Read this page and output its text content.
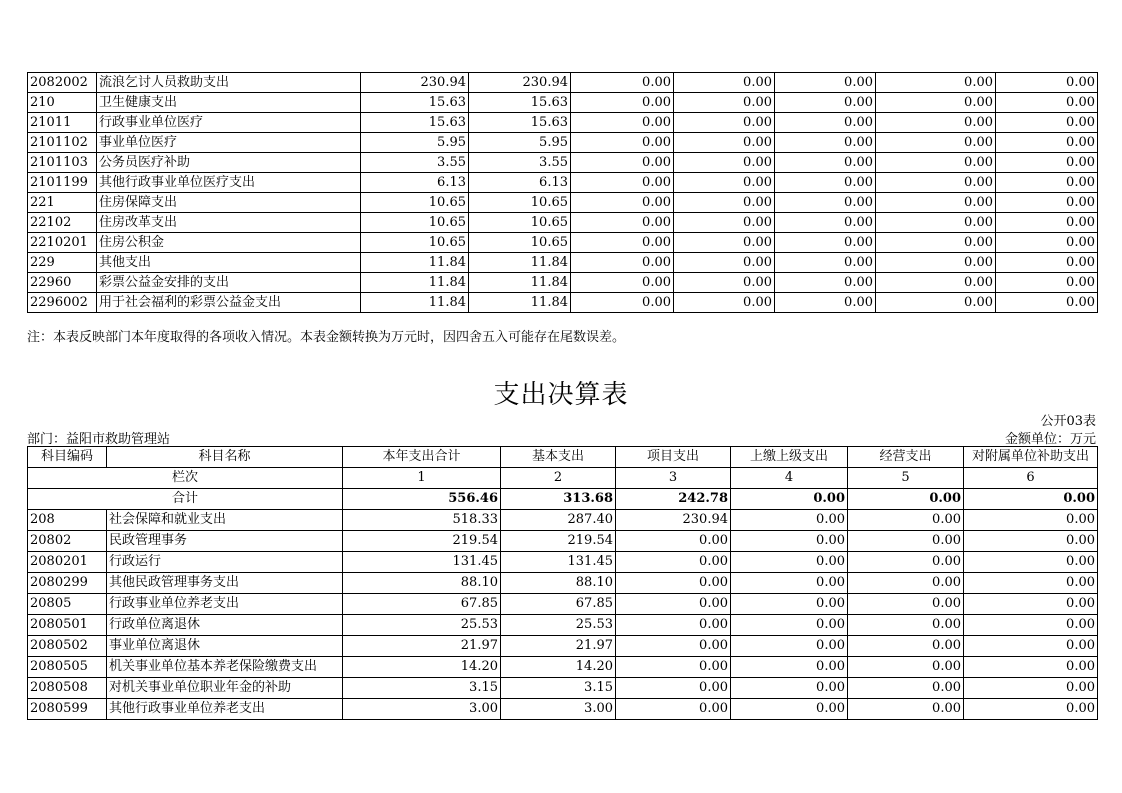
2082002	流浪乞讨人员救助支出	230.94	230.94	0.00	0.00	0.00	0.00	0.00
210	卫生健康支出	15.63	15.63	0.00	0.00	0.00	0.00	0.00
21011	行政事业单位医疗	15.63	15.63	0.00	0.00	0.00	0.00	0.00
2101102	事业单位医疗	5.95	5.95	0.00	0.00	0.00	0.00	0.00
2101103	公务员医疗补助	3.55	3.55	0.00	0.00	0.00	0.00	0.00
2101199	其他行政事业单位医疗支出	6.13	6.13	0.00	0.00	0.00	0.00	0.00
221	住房保障支出	10.65	10.65	0.00	0.00	0.00	0.00	0.00
22102	住房改革支出	10.65	10.65	0.00	0.00	0.00	0.00	0.00
2210201	住房公积金	10.65	10.65	0.00	0.00	0.00	0.00	0.00
229	其他支出	11.84	11.84	0.00	0.00	0.00	0.00	0.00
22960	彩票公益金安排的支出	11.84	11.84	0.00	0.00	0.00	0.00	0.00
2296002	用于社会福利的彩票公益金支出	11.84	11.84	0.00	0.00	0.00	0.00	0.00
注：本表反映部门本年度取得的各项收入情况。本表金额转换为万元时，因四舍五入可能存在尾数误差。
支出决算表
公开03表
部门：益阳市救助管理站	金额单位：万元
科目编码	科目名称	本年支出合计	基本支出	项目支出	上缴上级支出	经营支出	对附属单位补助支出
栏次		1	2	3	4	5	6
合计		556.46	313.68	242.78	0.00	0.00	0.00
208	社会保障和就业支出	518.33	287.40	230.94	0.00	0.00	0.00
20802	民政管理事务	219.54	219.54	0.00	0.00	0.00	0.00
2080201	行政运行	131.45	131.45	0.00	0.00	0.00	0.00
2080299	其他民政管理事务支出	88.10	88.10	0.00	0.00	0.00	0.00
20805	行政事业单位养老支出	67.85	67.85	0.00	0.00	0.00	0.00
2080501	行政单位离退休	25.53	25.53	0.00	0.00	0.00	0.00
2080502	事业单位离退休	21.97	21.97	0.00	0.00	0.00	0.00
2080505	机关事业单位基本养老保险缴费支出	14.20	14.20	0.00	0.00	0.00	0.00
2080508	对机关事业单位职业年金的补助	3.15	3.15	0.00	0.00	0.00	0.00
2080599	其他行政事业单位养老支出	3.00	3.00	0.00	0.00	0.00	0.00
